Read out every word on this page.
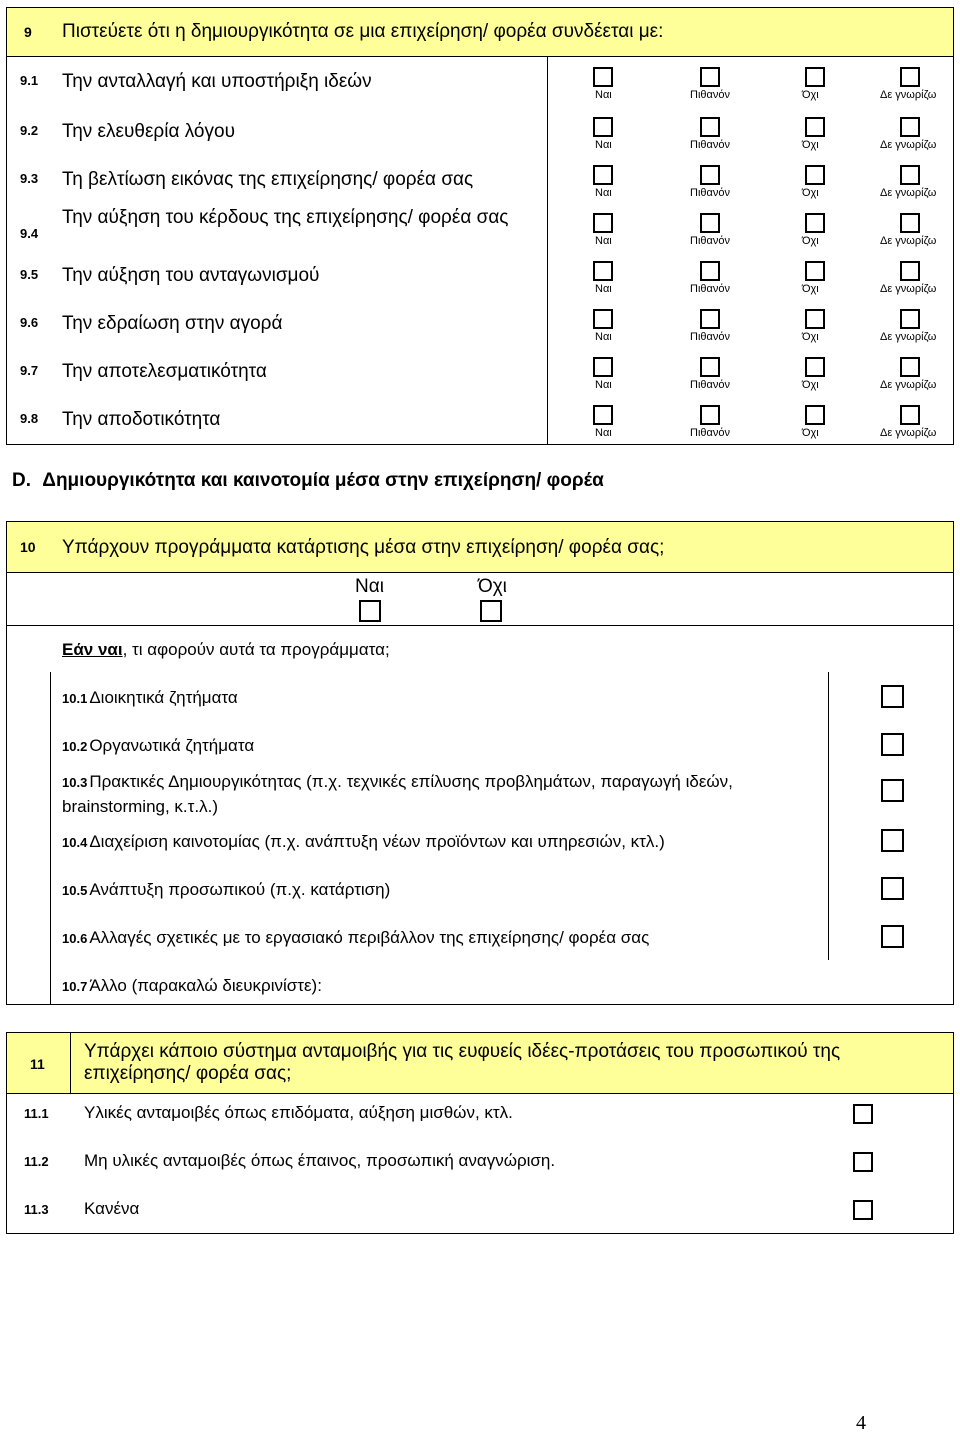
9 Πιστεύετε ότι η δημιουργικότητα σε μια επιχείρηση/ φορέα συνδέεται με:
9.1 Την ανταλλαγή και υποστήριξη ιδεών
Ναι	Πιθανόν	Όχι	Δε γνωρίζω
9.2 Την ελευθερία λόγου
Ναι	Πιθανόν	Όχι	Δε γνωρίζω
9.3 Τη βελτίωση εικόνας της επιχείρησης/ φορέα σας
Ναι	Πιθανόν	Όχι	Δε γνωρίζω
9.4
Την αύξηση του κέρδους της επιχείρησης/ φορέα σας
Ναι	Πιθανόν	Όχι	Δε γνωρίζω
9.5 Την αύξηση του ανταγωνισμού
Ναι	Πιθανόν	Όχι	Δε γνωρίζω
9.6 Την εδραίωση στην αγορά
Ναι	Πιθανόν	Όχι	Δε γνωρίζω
9.7 Την αποτελεσματικότητα
Ναι	Πιθανόν	Όχι	Δε γνωρίζω
9.8 Την αποδοτικότητα
Ναι	Πιθανόν	Όχι	Δε γνωρίζω
D. Δημιουργικότητα και καινοτομία μέσα στην επιχείρηση/ φορέα
10 Υπάρχουν προγράμματα κατάρτισης μέσα στην επιχείρηση/ φορέα σας;
Ναι	Όχι
Εάν ναι, τι αφορούν αυτά τα προγράμματα;
10.1 Διοικητικά ζητήματα
10.2 Οργανωτικά ζητήματα
10.3 Πρακτικές Δημιουργικότητας (π.χ. τεχνικές επίλυσης προβλημάτων, παραγωγή ιδεών, brainstorming, κ.τ.λ.)
10.4 Διαχείριση καινοτομίας (π.χ. ανάπτυξη νέων προϊόντων και υπηρεσιών, κτλ.)
10.5 Ανάπτυξη προσωπικού (π.χ. κατάρτιση)
10.6 Αλλαγές σχετικές με το εργασιακό περιβάλλον της επιχείρησης/ φορέα σας
10.7 Άλλο (παρακαλώ διευκρινίστε):
11
Υπάρχει κάποιο σύστημα ανταμοιβής για τις ευφυείς ιδέες-προτάσεις του προσωπικού της επιχείρησης/ φορέα σας;
11.1 Υλικές ανταμοιβές όπως επιδόματα, αύξηση μισθών, κτλ.
11.2 Μη υλικές ανταμοιβές όπως έπαινος, προσωπική αναγνώριση.
11.3 Κανένα
4
